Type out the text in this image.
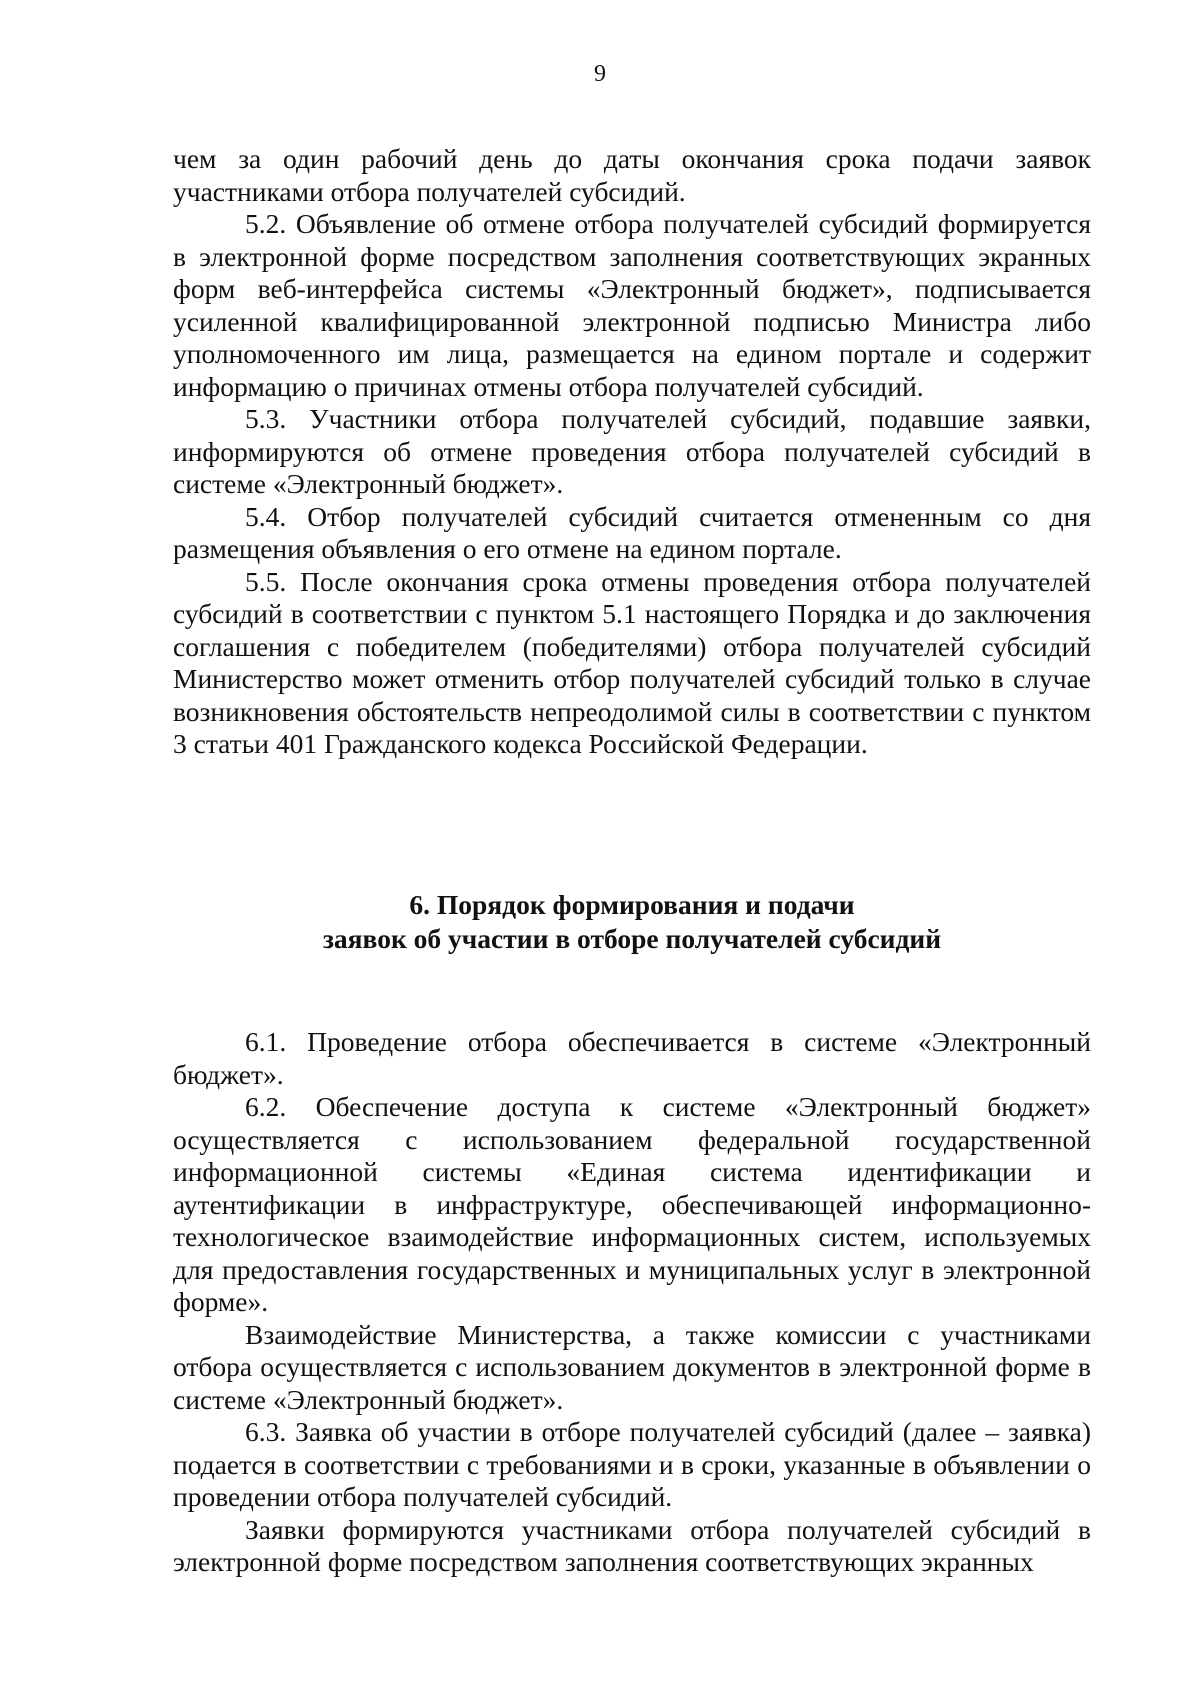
9

чем за один рабочий день до даты окончания срока подачи заявок участниками отбора получателей субсидий.

5.2. Объявление об отмене отбора получателей субсидий формируется в электронной форме посредством заполнения соответствующих экранных форм веб-интерфейса системы «Электронный бюджет», подписывается усиленной квалифицированной электронной подписью Министра либо уполномоченного им лица, размещается на едином портале и содержит информацию о причинах отмены отбора получателей субсидий.

5.3. Участники отбора получателей субсидий, подавшие заявки, информируются об отмене проведения отбора получателей субсидий в системе «Электронный бюджет».

5.4. Отбор получателей субсидий считается отмененным со дня размещения объявления о его отмене на едином портале.

5.5. После окончания срока отмены проведения отбора получателей субсидий в соответствии с пунктом 5.1 настоящего Порядка и до заключения соглашения с победителем (победителями) отбора получателей субсидий Министерство может отменить отбор получателей субсидий только в случае возникновения обстоятельств непреодолимой силы в соответствии с пунктом 3 статьи 401 Гражданского кодекса Российской Федерации.

6. Порядок формирования и подачи
заявок об участии в отборе получателей субсидий

6.1. Проведение отбора обеспечивается в системе «Электронный бюджет».

6.2. Обеспечение доступа к системе «Электронный бюджет» осуществляется с использованием федеральной государственной информационной системы «Единая система идентификации и аутентификации в инфраструктуре, обеспечивающей информационно-технологическое взаимодействие информационных систем, используемых для предоставления государственных и муниципальных услуг в электронной форме».

Взаимодействие Министерства, а также комиссии с участниками отбора осуществляется с использованием документов в электронной форме в системе «Электронный бюджет».

6.3. Заявка об участии в отборе получателей субсидий (далее – заявка) подается в соответствии с требованиями и в сроки, указанные в объявлении о проведении отбора получателей субсидий.

Заявки формируются участниками отбора получателей субсидий в электронной форме посредством заполнения соответствующих экранных
